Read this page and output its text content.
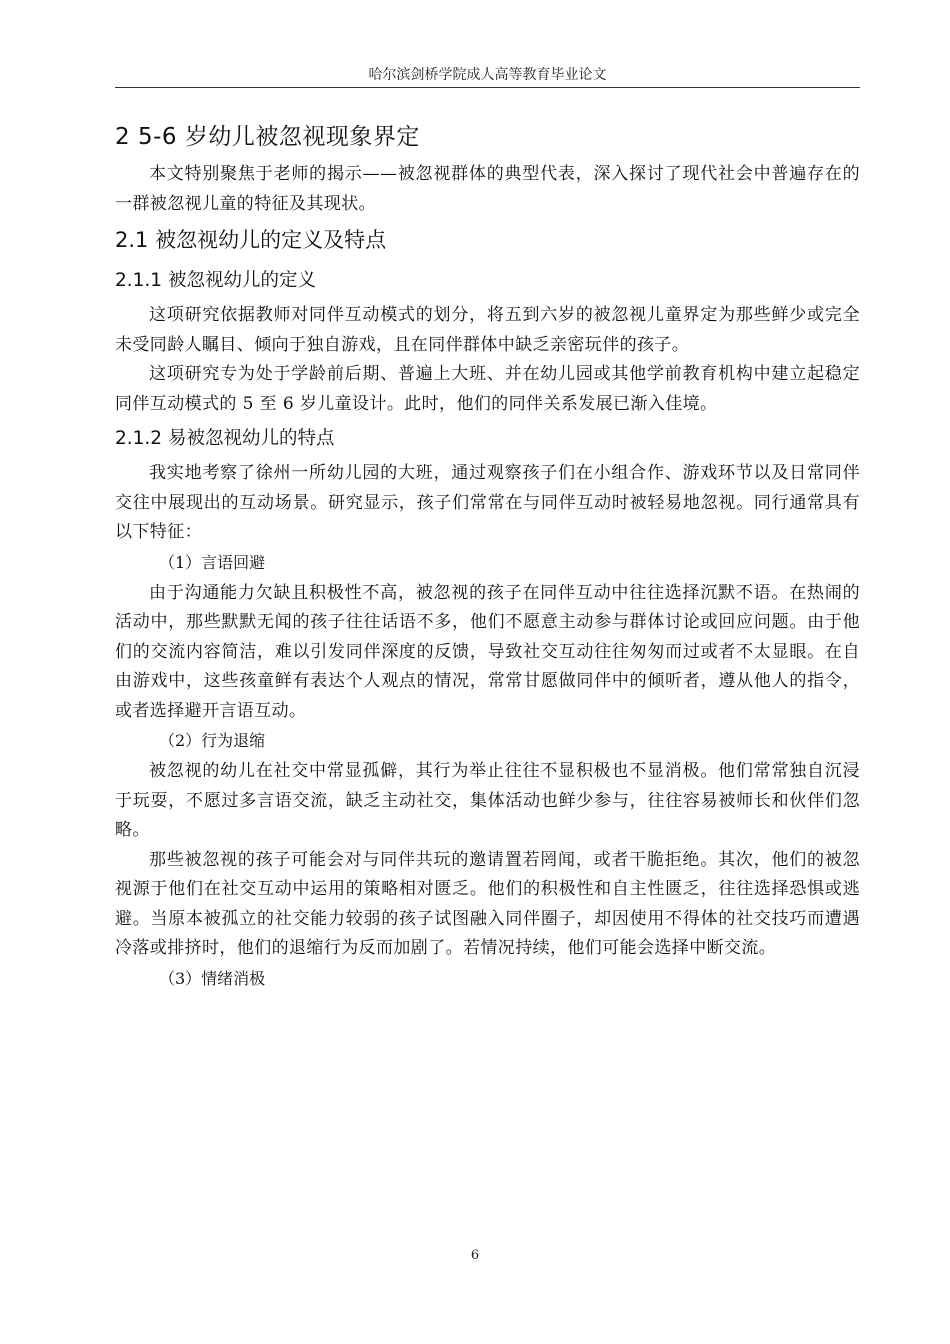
哈尔滨剑桥学院成人高等教育毕业论文
2 5-6 岁幼儿被忽视现象界定

本文特别聚焦于老师的揭示——被忽视群体的典型代表，深入探讨了现代社会中普遍存在的一群被忽视儿童的特征及其现状。

2.1 被忽视幼儿的定义及特点
2.1.1 被忽视幼儿的定义

这项研究依据教师对同伴互动模式的划分，将五到六岁的被忽视儿童界定为那些鲜少或完全未受同龄人瞩目、倾向于独自游戏，且在同伴群体中缺乏亲密玩伴的孩子。

这项研究专为处于学龄前后期、普遍上大班、并在幼儿园或其他学前教育机构中建立起稳定同伴互动模式的 5 至 6 岁儿童设计。此时，他们的同伴关系发展已渐入佳境。

2.1.2 易被忽视幼儿的特点

我实地考察了徐州一所幼儿园的大班，通过观察孩子们在小组合作、游戏环节以及日常同伴交往中展现出的互动场景。研究显示，孩子们常常在与同伴互动时被轻易地忽视。同行通常具有以下特征：

（1）言语回避

由于沟通能力欠缺且积极性不高，被忽视的孩子在同伴互动中往往选择沉默不语。在热闹的活动中，那些默默无闻的孩子往往话语不多，他们不愿意主动参与群体讨论或回应问题。由于他们的交流内容简洁，难以引发同伴深度的反馈，导致社交互动往往匆匆而过或者不太显眼。在自由游戏中，这些孩童鲜有表达个人观点的情况，常常甘愿做同伴中的倾听者，遵从他人的指令，或者选择避开言语互动。

（2）行为退缩

被忽视的幼儿在社交中常显孤僻，其行为举止往往不显积极也不显消极。他们常常独自沉浸于玩耍，不愿过多言语交流，缺乏主动社交，集体活动也鲜少参与，往往容易被师长和伙伴们忽略。

那些被忽视的孩子可能会对与同伴共玩的邀请置若罔闻，或者干脆拒绝。其次，他们的被忽视源于他们在社交互动中运用的策略相对匮乏。他们的积极性和自主性匮乏，往往选择恐惧或逃避。当原本被孤立的社交能力较弱的孩子试图融入同伴圈子，却因使用不得体的社交技巧而遭遇冷落或排挤时，他们的退缩行为反而加剧了。若情况持续，他们可能会选择中断交流。

（3）情绪消极

6
